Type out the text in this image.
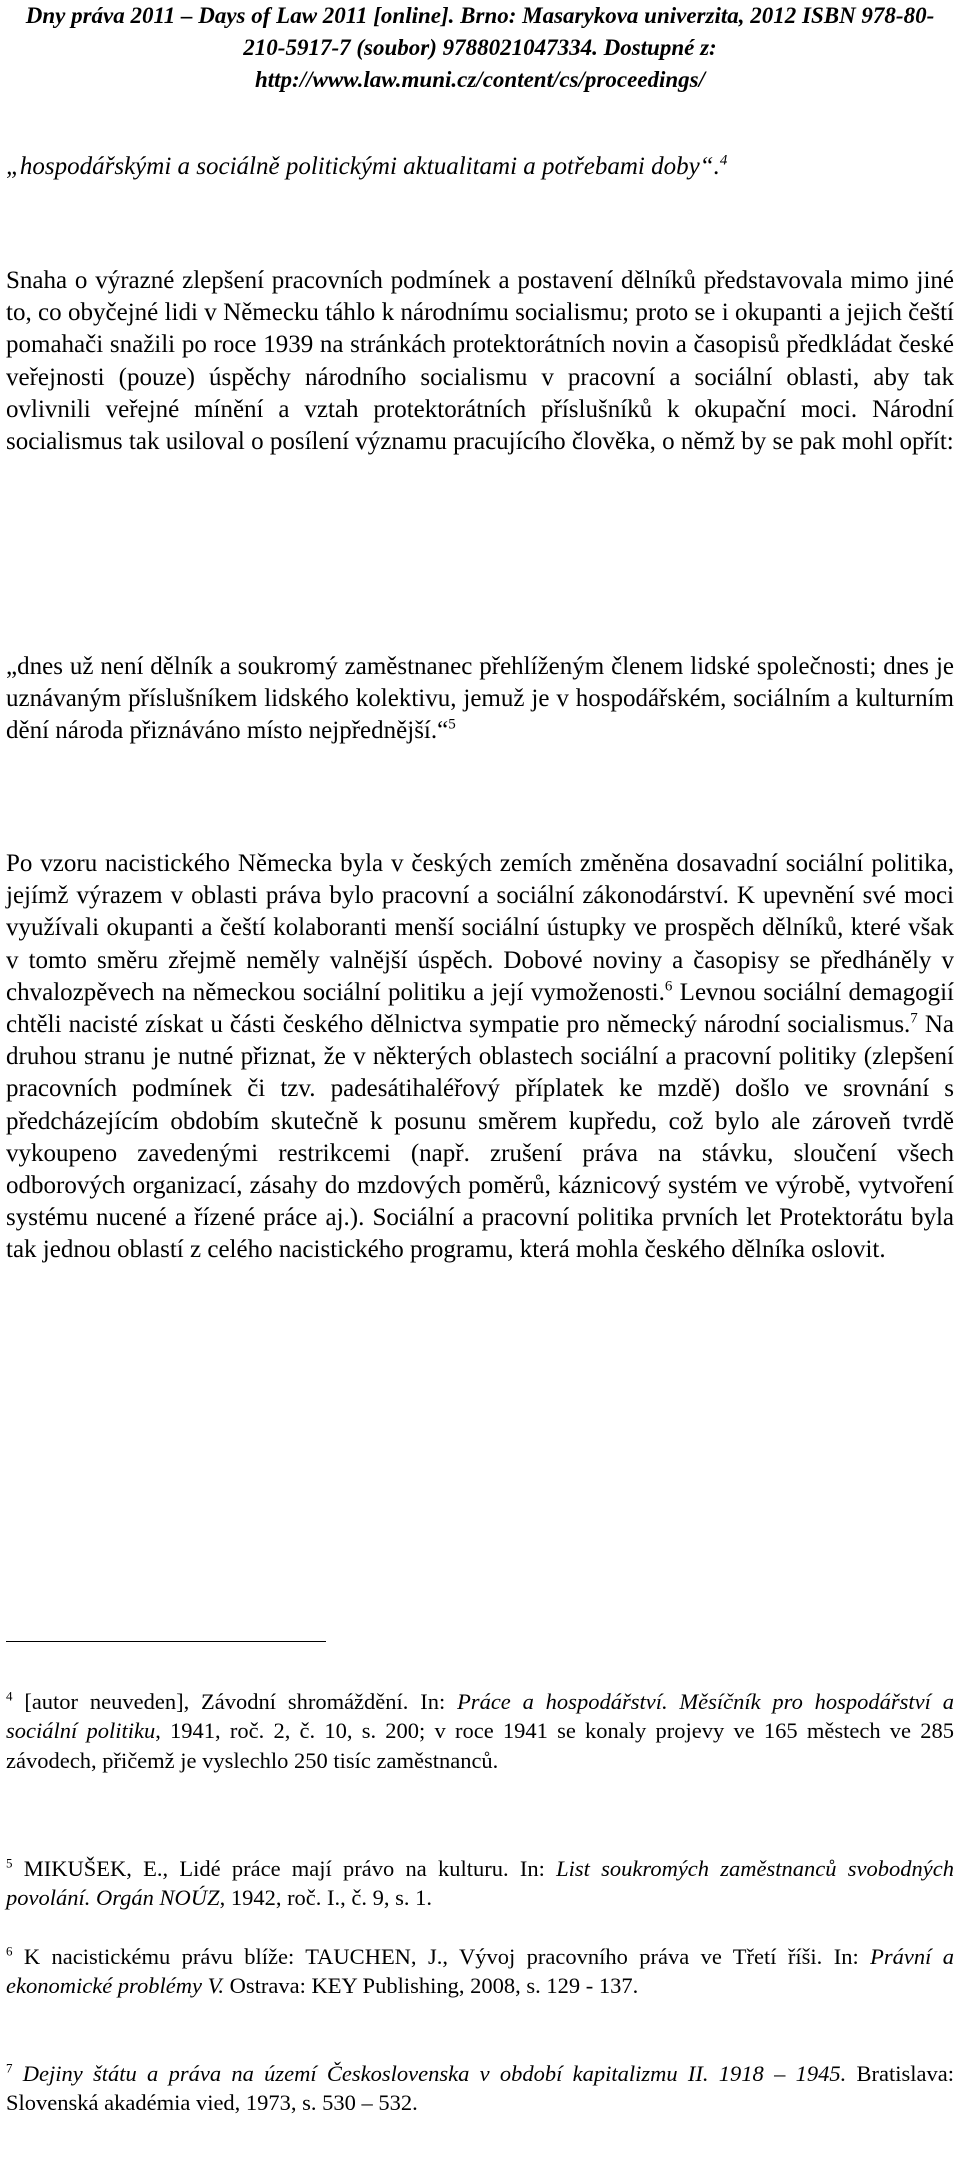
Dny práva 2011 – Days of Law 2011 [online]. Brno: Masarykova univerzita, 2012 ISBN 978-80-
210-5917-7 (soubor) 9788021047334. Dostupné z:
http://www.law.muni.cz/content/cs/proceedings/

„hospodářskými a sociálně politickými aktualitami a potřebami doby“.$^4$

Snaha o výrazné zlepšení pracovních podmínek a postavení dělníků představovala mimo jiné to, co obyčejné lidi v Německu táhlo k národnímu socialismu; proto se i okupanti a jejich čeští pomahači snažili po roce 1939 na stránkách protektorátních novin a časopisů předkládat české veřejnosti (pouze) úspěchy národního socialismu v pracovní a sociální oblasti, aby tak ovlivnili veřejné mínění a vztah protektorátních příslušníků k okupační moci. Národní socialismus tak usiloval o posílení významu pracujícího člověka, o němž by se pak mohl opřít:

„dnes už není dělník a soukromý zaměstnanec přehlíženým členem lidské společnosti; dnes je uznávaným příslušníkem lidského kolektivu, jemuž je v hospodářském, sociálním a kulturním dění národa přiznáváno místo nejpřednější.“$^5$

Po vzoru nacistického Německa byla v českých zemích změněna dosavadní sociální politika, jejímž výrazem v oblasti práva bylo pracovní a sociální zákonodárství. K upevnění své moci využívali okupanti a čeští kolaboranti menší sociální ústupky ve prospěch dělníků, které však v tomto směru zřejmě neměly valnější úspěch. Dobové noviny a časopisy se předháněly v chvalozpěvech na německou sociální politiku a její vymoženosti.$^6$ Levnou sociální demagogií chtěli nacisté získat u části českého dělnictva sympatie pro německý národní socialismus.$^7$ Na druhou stranu je nutné přiznat, že v některých oblastech sociální a pracovní politiky (zlepšení pracovních podmínek či tzv. padesátihaléřový příplatek ke mzdě) došlo ve srovnání s předcházejícím obdobím skutečně k posunu směrem kupředu, což bylo ale zároveň tvrdě vykoupeno zavedenými restrikcemi (např. zrušení práva na stávku, sloučení všech odborových organizací, zásahy do mzdových poměrů, káznicový systém ve výrobě, vytvoření systému nucené a řízené práce aj.). Sociální a pracovní politika prvních let Protektorátu byla tak jednou oblastí z celého nacistického programu, která mohla českého dělníka oslovit.

$^4$ [autor neuveden], Závodní shromáždění. In: Práce a hospodářství. Měsíčník pro hospodářství a sociální politiku, 1941, roč. 2, č. 10, s. 200; v roce 1941 se konaly projevy ve 165 městech ve 285 závodech, přičemž je vyslechlo 250 tisíc zaměstnanců.

$^5$ MIKUŠEK, E., Lidé práce mají právo na kulturu. In: List soukromých zaměstnanců svobodných povolání. Orgán NOÚZ, 1942, roč. I., č. 9, s. 1.

$^6$ K nacistickému právu blíže: TAUCHEN, J., Vývoj pracovního práva ve Třetí říši. In: Právní a ekonomické problémy V. Ostrava: KEY Publishing, 2008, s. 129 - 137.

$^7$ Dejiny štátu a práva na území Československa v období kapitalizmu II. 1918 – 1945. Bratislava: Slovenská akadémia vied, 1973, s. 530 – 532.
